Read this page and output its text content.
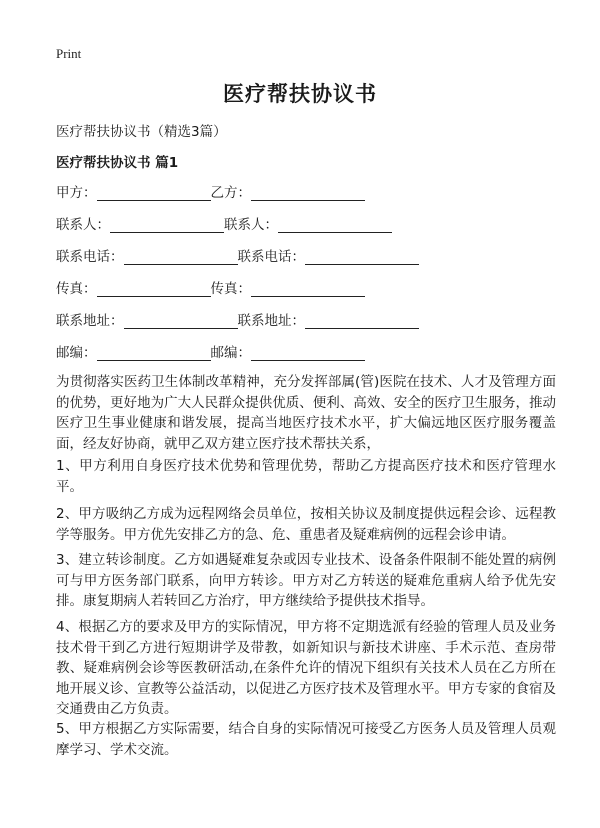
Print
医疗帮扶协议书
医疗帮扶协议书（精选3篇）
医疗帮扶协议书 篇1
甲方：	乙方：
联系人：	联系人：
联系电话：	联系电话：
传真：	传真：
联系地址：	联系地址：
邮编：	邮编：

为贯彻落实医药卫生体制改革精神，充分发挥部属(管)医院在技术、人才及管理方面的优势，更好地为广大人民群众提供优质、便利、高效、安全的医疗卫生服务，推动医疗卫生事业健康和谐发展，提高当地医疗技术水平，扩大偏远地区医疗服务覆盖面，经友好协商，就甲乙双方建立医疗技术帮扶关系，

1、甲方利用自身医疗技术优势和管理优势，帮助乙方提高医疗技术和医疗管理水平。

2、甲方吸纳乙方成为远程网络会员单位，按相关协议及制度提供远程会诊、远程教学等服务。甲方优先安排乙方的急、危、重患者及疑难病例的远程会诊申请。

3、建立转诊制度。乙方如遇疑难复杂或因专业技术、设备条件限制不能处置的病例可与甲方医务部门联系，向甲方转诊。甲方对乙方转送的疑难危重病人给予优先安排。康复期病人若转回乙方治疗，甲方继续给予提供技术指导。

4、根据乙方的要求及甲方的实际情况，甲方将不定期选派有经验的管理人员及业务技术骨干到乙方进行短期讲学及带教，如新知识与新技术讲座、手术示范、查房带教、疑难病例会诊等医教研活动,在条件允许的情况下组织有关技术人员在乙方所在地开展义诊、宣教等公益活动，以促进乙方医疗技术及管理水平。甲方专家的食宿及交通费由乙方负责。

5、甲方根据乙方实际需要，结合自身的实际情况可接受乙方医务人员及管理人员观摩学习、学术交流。
